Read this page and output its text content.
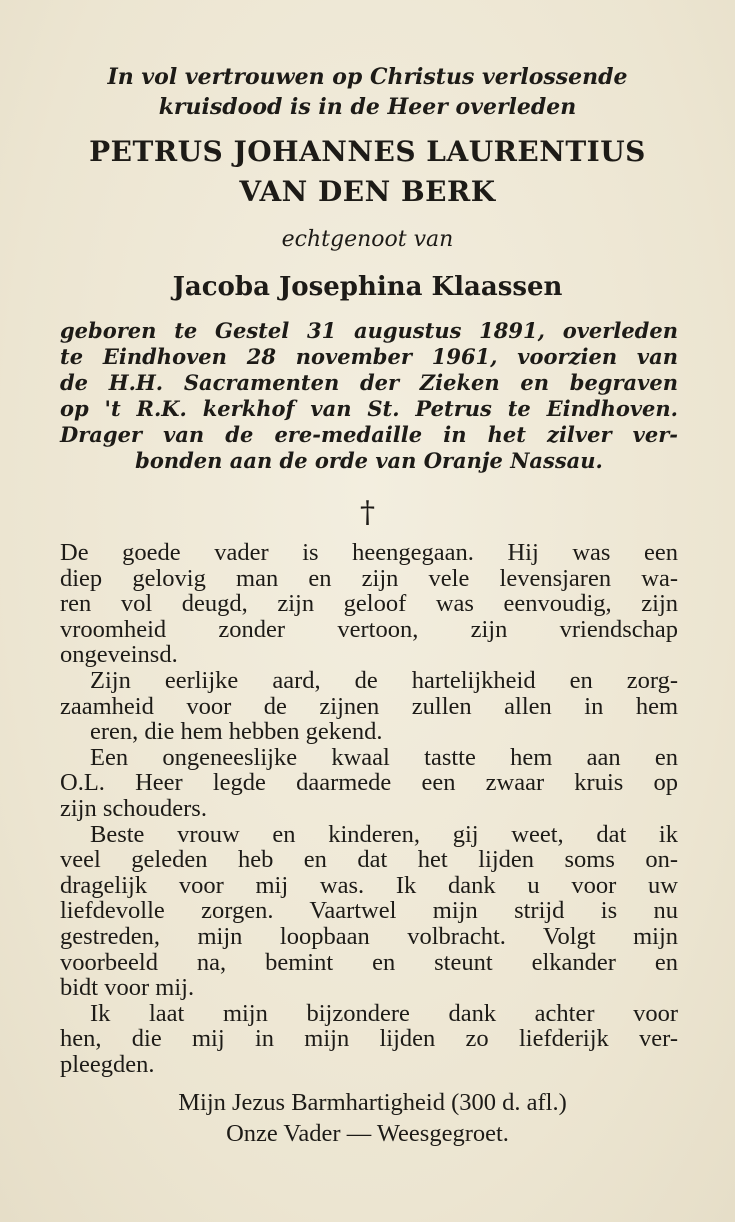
In vol vertrouwen op Christus verlossende
kruisdood is in de Heer overleden
PETRUS JOHANNES LAURENTIUS
VAN DEN BERK
echtgenoot van
Jacoba Josephina Klaassen
geboren te Gestel 31 augustus 1891, overleden
te Eindhoven 28 november 1961, voorzien van
de H.H. Sacramenten der Zieken en begraven
op 't R.K. kerkhof van St. Petrus te Eindhoven.
Drager van de ere-medaille in het zilver ver-
bonden aan de orde van Oranje Nassau.
†
De goede vader is heengegaan. Hij was een
diep gelovig man en zijn vele levensjaren wa-
ren vol deugd, zijn geloof was eenvoudig, zijn
vroomheid zonder vertoon, zijn vriendschap
ongeveinsd.
Zijn eerlijke aard, de hartelijkheid en zorg-
zaamheid voor de zijnen zullen allen in hem
eren, die hem hebben gekend.
Een ongeneeslijke kwaal tastte hem aan en
O.L. Heer legde daarmede een zwaar kruis op
zijn schouders.
Beste vrouw en kinderen, gij weet, dat ik
veel geleden heb en dat het lijden soms on-
dragelijk voor mij was. Ik dank u voor uw
liefdevolle zorgen. Vaartwel mijn strijd is nu
gestreden, mijn loopbaan volbracht. Volgt mijn
voorbeeld na, bemint en steunt elkander en
bidt voor mij.
Ik laat mijn bijzondere dank achter voor
hen, die mij in mijn lijden zo liefderijk ver-
pleegden.
Mijn Jezus Barmhartigheid (300 d. afl.)
Onze Vader — Weesgegroet.
